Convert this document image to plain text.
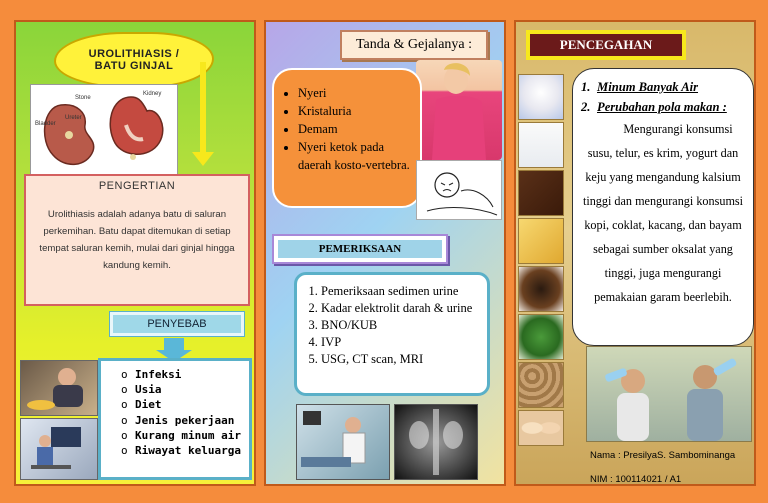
UROLITHIASIS /
BATU GINJAL
Stone
Kidney
Bladder
Ureter
PENGERTIAN
Urolithiasis adalah adanya batu di saluran perkemihan. Batu dapat ditemukan di setiap tempat saluran kemih, mulai dari ginjal hingga kandung kemih.
PENYEBAB
o Infeksi
o Usia
o Diet
o Jenis pekerjaan
o Kurang minum air
o Riwayat keluarga
Tanda & Gejalanya :
• Nyeri
• Kristaluria
• Demam
• Nyeri ketok pada daerah kosto-vertebra.
PEMERIKSAAN
1. Pemeriksaan sedimen urine
2. Kadar elektrolit darah & urine
3. BNO/KUB
4. IVP
5. USG, CT scan, MRI
PENCEGAHAN
1. Minum Banyak Air
2. Perubahan pola makan :

Mengurangi konsumsi susu, telur, es krim, yogurt dan keju yang mengandung kalsium tinggi dan mengurangi konsumsi kopi, coklat, kacang, dan bayam sebagai sumber oksalat yang tinggi, juga mengurangi pemakaian garam beerlebih.

Nama : PresilyaS. Sambominanga
NIM : 100114021 / A1
